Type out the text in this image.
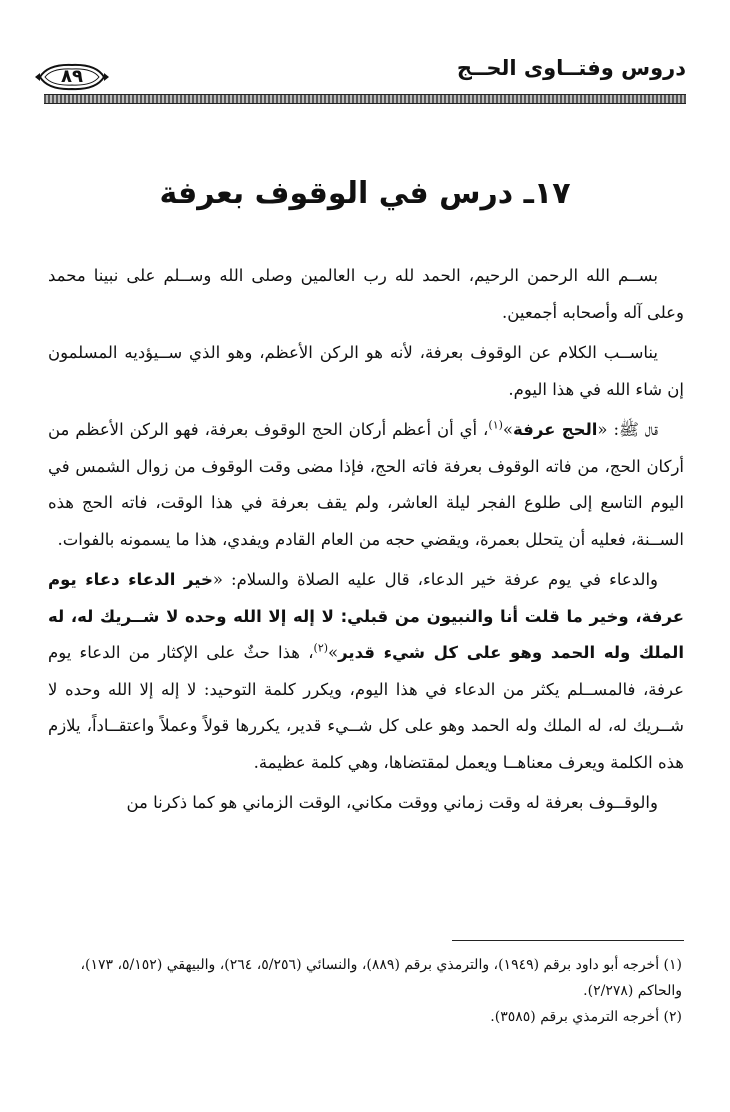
دروس وفتــاوى الحــج
٨٩
١٧ـ درس في الوقوف بعرفة

بســم الله الرحمن الرحيم، الحمد لله رب العالمين وصلى الله وســلم على نبينا محمد وعلى آله وأصحابه أجمعين.

يناســب الكلام عن الوقوف بعرفة، لأنه هو الركن الأعظم، وهو الذي ســيؤديه المسلمون إن شاء الله في هذا اليوم.

قال ﷺ: «الحج عرفة»$^{(١)}$، أي أن أعظم أركان الحج الوقوف بعرفة، فهو الركن الأعظم من أركان الحج، من فاته الوقوف بعرفة فاته الحج، فإذا مضى وقت الوقوف من زوال الشمس في اليوم التاسع إلى طلوع الفجر ليلة العاشر، ولم يقف بعرفة في هذا الوقت، فاته الحج هذه الســنة، فعليه أن يتحلل بعمرة، ويقضي حجه من العام القادم ويفدي، هذا ما يسمونه بالفوات.

والدعاء في يوم عرفة خير الدعاء، قال عليه الصلاة والسلام: «خير الدعاء دعاء يوم عرفة، وخير ما قلت أنا والنبيون من قبلي: لا إله إلا الله وحده لا شــريك له، له الملك وله الحمد وهو على كل شيء قدير»$^{(٢)}$، هذا حثٌ على الإكثار من الدعاء يوم عرفة، فالمســلم يكثر من الدعاء في هذا اليوم، ويكرر كلمة التوحيد: لا إله إلا الله وحده لا شــريك له، له الملك وله الحمد وهو على كل شــيء قدير، يكررها قولاً وعملاً واعتقــاداً، يلازم هذه الكلمة ويعرف معناهــا ويعمل لمقتضاها، وهي كلمة عظيمة.

والوقــوف بعرفة له وقت زماني ووقت مكاني، الوقت الزماني هو كما ذكرنا من

(١) أخرجه أبو داود برقم (١٩٤٩)، والترمذي برقم (٨٨٩)، والنسائي (٥/٢٥٦، ٢٦٤)، والبيهقي (٥/١٥٢، ١٧٣)، والحاكم (٢/٢٧٨).
(٢) أخرجه الترمذي برقم (٣٥٨٥).
